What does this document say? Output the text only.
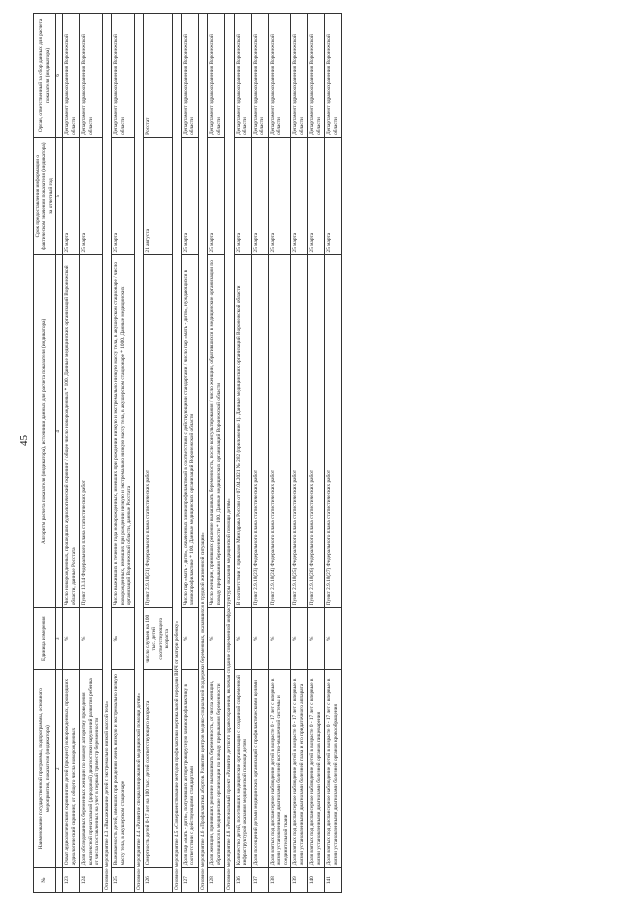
45
№	Наименование государственной программы, подпрограммы, основного мероприятия, показателя (индикатора)	Единица измерения	Алгоритм расчета показателя (индикатора), источники данных для расчета показателя (индикатора)	Срок предоставления информации о фактическом значении показателя (индикатора) за отчетный год	Орган, ответственный за сбор данных для расчета показателя (индикатора)
	2	3	4	5	6
123	Охват аудиологическим скринингом детей (процент) новорожденных, прошедших аудиологический скрининг, от общего числа новорожденных	%	Число новорожденных, прошедших аудиологический скрининг / общее число новорожденных * 100. Данные медицинских организаций Воронежской области, данные Росстата	25 марта	Департамент здравоохранения Воронежской области
124	Доля обследованных беременных женщин по новому алгоритму проведения комплексной пренатальной (дородовой) диагностики нарушений развития ребенка от числа поставленных на учет в первый триместр беременности	%	Пункт 13.14 Федерального плана статистических работ	25 марта	Департамент здравоохранения Воронежской области
Основное мероприятие 4.3 «Выхаживание детей с экстремально низкой массой тела»					
125	Выживаемость детей, имевших при рождении очень низкую и экстремально низкую массу тела, в акушерском стационаре	‰	Число выживших в течение года новорожденных, имевших при рождении низкую и экстремально низкую массу тела, в акушерском стационаре / число новорожденных, имевших при рождении низкую и экстремально низкую массу тела, в акушерском стационаре * 1000. Данные медицинских организаций Воронежской области, данные Росстата	25 марта	Департамент здравоохранения Воронежской области
Основное мероприятие 4.4 «Развитие специализированной медицинской помощи детям»					
126	Смертность детей 0-17 лет на 100 тыс. детей соответствующего возраста	число случаев на 100 тыс. детей соответствующего возраста	Пункт 2.9.18(21) Федерального плана статистических работ	21 августа	Росстат
Основное мероприятие 4.5 «Совершенствование методов профилактики вертикальной передачи ВИЧ от матери ребенку»					
127	Доля пар «мать - дитя», получивших антиретровирусную химиопрофилактику в соответствии с действующими стандартами	%	Число пар «мать - дитя», охваченных химиопрофилактикой в соответствии с действующими стандартами / число пар «мать - дитя», нуждающихся в химиопрофилактике * 100. Данные медицинских организаций Воронежской области	25 марта	Департамент здравоохранения Воронежской области
Основное мероприятие 4.6 «Профилактика абортов. Развитие центров медико-социальной поддержки беременных, оказавшихся в трудной жизненной ситуации»					
128	Доля женщин, принявших решение вынашивать беременность, от числа женщин, обратившихся в медицинские организации по поводу прерывания беременности	%	Число женщин, принявших решение вынашивать беременность, после консультирования / число женщин, обратившихся в медицинские организации по поводу прерывания беременности * 100. Данные медицинских организаций Воронежской области	25 марта	Департамент здравоохранения Воронежской области
Основное мероприятие 4.8 «Региональный проект «Развитие детского здравоохранения, включая создание современной инфраструктуры оказания медицинской помощи детям»					
136	Количество детей, посетивших медицинские организации с созданной современной инфраструктурой оказания медицинской помощи детям	%	В соответствии с приказом Минздрава России от 07.04.2021 № 282 (приложение 1). Данные медицинских организаций Воронежской области	25 марта	Департамент здравоохранения Воронежской области
137	Доля посещений детьми медицинских организаций с профилактическими целями	%	Пункт 2.9.18(23) Федерального плана статистических работ	25 марта	Департамент здравоохранения Воронежской области
138	Доля взятых под диспансерное наблюдение детей в возрасте 0 - 17 лет с впервые в жизни установленными диагнозами болезней костно-мышечной системы и соединительной ткани	%	Пункт 2.9.18(24) Федерального плана статистических работ	25 марта	Департамент здравоохранения Воронежской области
139	Доля взятых под диспансерное наблюдение детей в возрасте 0 - 17 лет с впервые в жизни установленными диагнозами болезней глаза и его придаточного аппарата	%	Пункт 2.9.18(25) Федерального плана статистических работ	25 марта	Департамент здравоохранения Воронежской области
140	Доля взятых под диспансерное наблюдение детей в возрасте 0 - 17 лет с впервые в жизни установленными диагнозами болезней органов пищеварения	%	Пункт 2.9.18(26) Федерального плана статистических работ	25 марта	Департамент здравоохранения Воронежской области
141	Доля взятых под диспансерное наблюдение детей в возрасте 0 - 17 лет с впервые в жизни установленными диагнозами болезней органов кровообращения	%	Пункт 2.9.18(27) Федерального плана статистических работ	25 марта	Департамент здравоохранения Воронежской области
